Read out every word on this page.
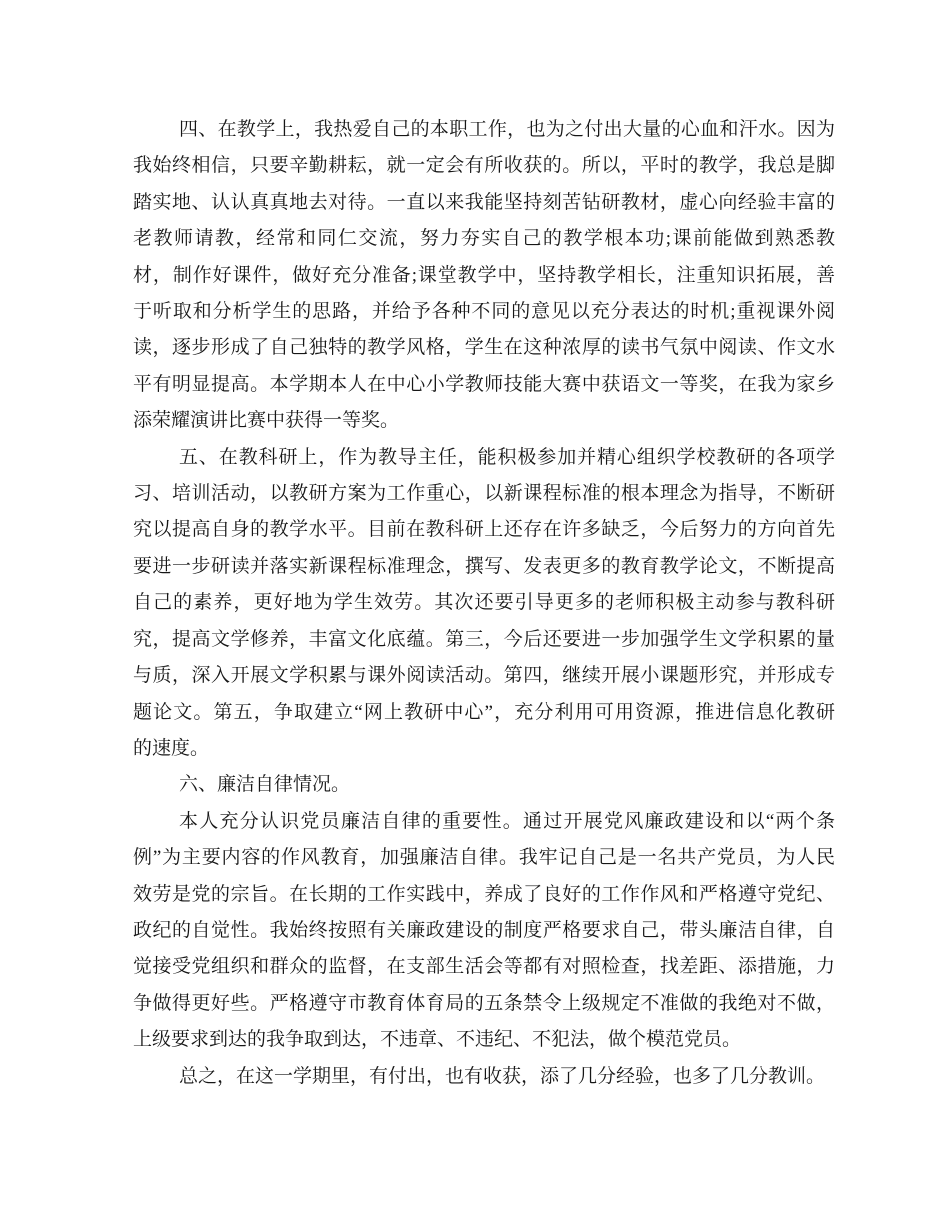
四、在教学上，我热爱自己的本职工作，也为之付出大量的心血和汗水。因为
我始终相信，只要辛勤耕耘，就一定会有所收获的。所以，平时的教学，我总是脚
踏实地、认认真真地去对待。一直以来我能坚持刻苦钻研教材，虚心向经验丰富的
老教师请教，经常和同仁交流，努力夯实自己的教学根本功;课前能做到熟悉教
材，制作好课件，做好充分准备;课堂教学中，坚持教学相长，注重知识拓展，善
于听取和分析学生的思路，并给予各种不同的意见以充分表达的时机;重视课外阅
读，逐步形成了自己独特的教学风格，学生在这种浓厚的读书气氛中阅读、作文水
平有明显提高。本学期本人在中心小学教师技能大赛中获语文一等奖，在我为家乡
添荣耀演讲比赛中获得一等奖。
五、在教科研上，作为教导主任，能积极参加并精心组织学校教研的各项学
习、培训活动，以教研方案为工作重心，以新课程标准的根本理念为指导，不断研
究以提高自身的教学水平。目前在教科研上还存在许多缺乏，今后努力的方向首先
要进一步研读并落实新课程标准理念，撰写、发表更多的教育教学论文，不断提高
自己的素养，更好地为学生效劳。其次还要引导更多的老师积极主动参与教科研
究，提高文学修养，丰富文化底蕴。第三，今后还要进一步加强学生文学积累的量
与质，深入开展文学积累与课外阅读活动。第四，继续开展小课题形究，并形成专
题论文。第五，争取建立“网上教研中心”，充分利用可用资源，推进信息化教研
的速度。
六、廉洁自律情况。
本人充分认识党员廉洁自律的重要性。通过开展党风廉政建设和以“两个条
例”为主要内容的作风教育，加强廉洁自律。我牢记自己是一名共产党员，为人民
效劳是党的宗旨。在长期的工作实践中，养成了良好的工作作风和严格遵守党纪、
政纪的自觉性。我始终按照有关廉政建设的制度严格要求自己，带头廉洁自律，自
觉接受党组织和群众的监督，在支部生活会等都有对照检查，找差距、添措施，力
争做得更好些。严格遵守市教育体育局的五条禁令上级规定不准做的我绝对不做，
上级要求到达的我争取到达，不违章、不违纪、不犯法，做个模范党员。
总之，在这一学期里，有付出，也有收获，添了几分经验，也多了几分教训。
